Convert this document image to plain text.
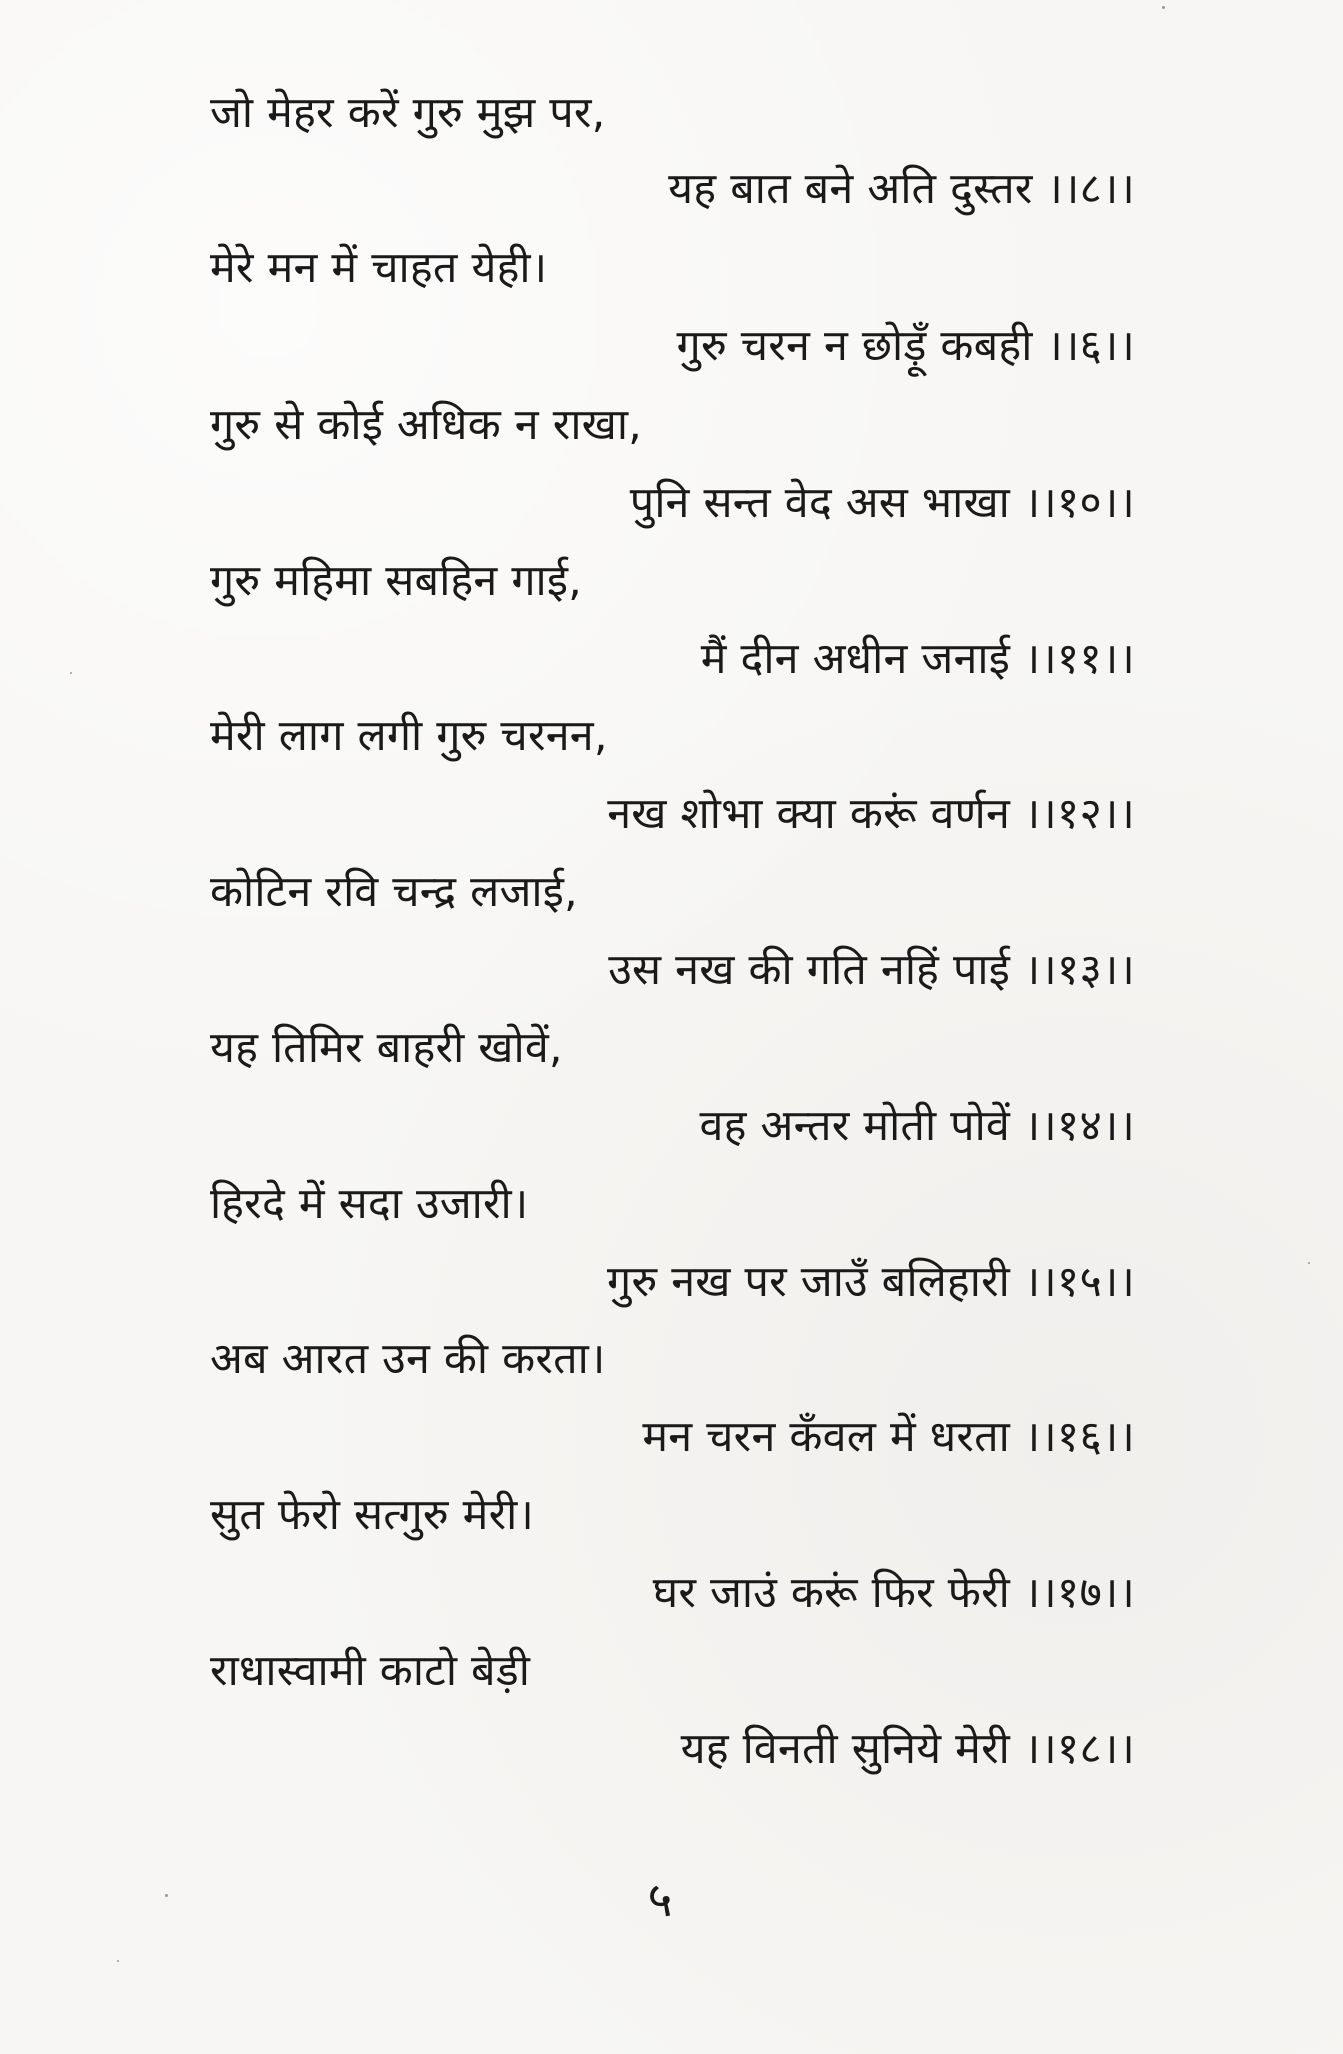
जो मेहर करें गुरु मुझ पर,
यह बात बने अति दुस्तर ।।८।।
मेरे मन में चाहत येही।
गुरु चरन न छोड़ूँ कबही ।।६।।
गुरु से कोई अधिक न राखा,
पुनि सन्त वेद अस भाखा ।।१०।।
गुरु महिमा सबहिन गाई,
मैं दीन अधीन जनाई ।।११।।
मेरी लाग लगी गुरु चरनन,
नख शोभा क्या करूं वर्णन ।।१२।।
कोटिन रवि चन्द्र लजाई,
उस नख की गति नहिं पाई ।।१३।।
यह तिमिर बाहरी खोवें,
वह अन्तर मोती पोवें ।।१४।।
हिरदे में सदा उजारी।
गुरु नख पर जाउँ बलिहारी ।।१५।।
अब आरत उन की करता।
मन चरन कँवल में धरता ।।१६।।
सुत फेरो सत्गुरु मेरी।
घर जाउं करूं फिर फेरी ।।१७।।
राधास्वामी काटो बेड़ी
यह विनती सुनिये मेरी ।।१८।।
५
